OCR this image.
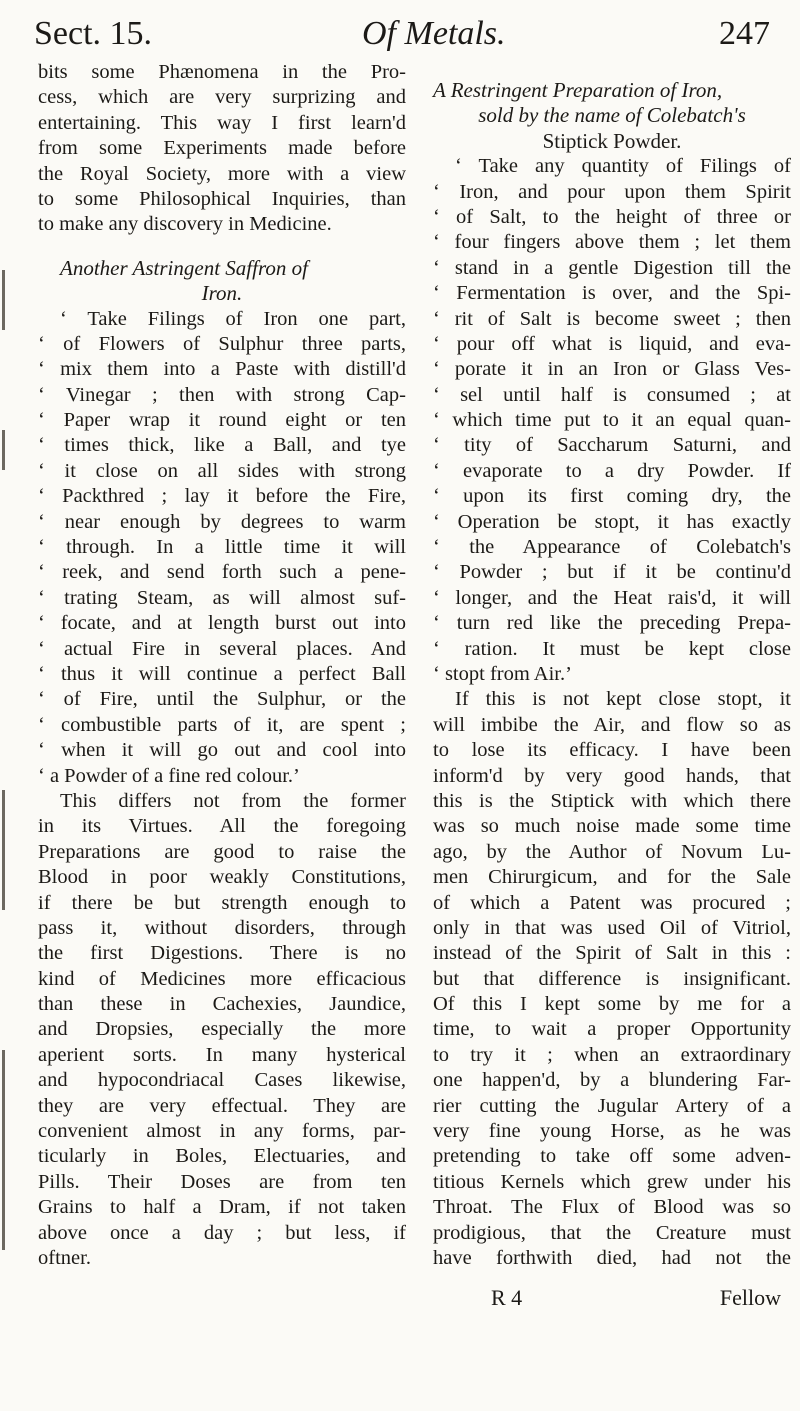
Sect. 15.	Of Metals.	247
bits some Phænomena in the Pro-
cess, which are very surprizing and
entertaining. This way I first learn'd
from some Experiments made before
the Royal Society, more with a view
to some Philosophical Inquiries, than
to make any discovery in Medicine.
Another Astringent Saffron of
Iron.
‘ Take Filings of Iron one part,
‘ of Flowers of Sulphur three parts,
‘ mix them into a Paste with distill'd
‘ Vinegar ; then with strong Cap-
‘ Paper wrap it round eight or ten
‘ times thick, like a Ball, and tye
‘ it close on all sides with strong
‘ Packthred ; lay it before the Fire,
‘ near enough by degrees to warm
‘ through. In a little time it will
‘ reek, and send forth such a pene-
‘ trating Steam, as will almost suf-
‘ focate, and at length burst out into
‘ actual Fire in several places. And
‘ thus it will continue a perfect Ball
‘ of Fire, until the Sulphur, or the
‘ combustible parts of it, are spent ;
‘ when it will go out and cool into
‘ a Powder of a fine red colour.’
This differs not from the former
in its Virtues. All the foregoing
Preparations are good to raise the
Blood in poor weakly Constitutions,
if there be but strength enough to
pass it, without disorders, through
the first Digestions. There is no
kind of Medicines more efficacious
than these in Cachexies, Jaundice,
and Dropsies, especially the more
aperient sorts. In many hysterical
and hypocondriacal Cases likewise,
they are very effectual. They are
convenient almost in any forms, par-
ticularly in Boles, Electuaries, and
Pills. Their Doses are from ten
Grains to half a Dram, if not taken
above once a day ; but less, if
oftner.
A Restringent Preparation of Iron,
sold by the name of Colebatch's
Stiptick Powder.
‘ Take any quantity of Filings of
‘ Iron, and pour upon them Spirit
‘ of Salt, to the height of three or
‘ four fingers above them ; let them
‘ stand in a gentle Digestion till the
‘ Fermentation is over, and the Spi-
‘ rit of Salt is become sweet ; then
‘ pour off what is liquid, and eva-
‘ porate it in an Iron or Glass Ves-
‘ sel until half is consumed ; at
‘ which time put to it an equal quan-
‘ tity of Saccharum Saturni, and
‘ evaporate to a dry Powder. If
‘ upon its first coming dry, the
‘ Operation be stopt, it has exactly
‘ the Appearance of Colebatch's
‘ Powder ; but if it be continu'd
‘ longer, and the Heat rais'd, it will
‘ turn red like the preceding Prepa-
‘ ration. It must be kept close
‘ stopt from Air.’
If this is not kept close stopt, it
will imbibe the Air, and flow so as
to lose its efficacy. I have been
inform'd by very good hands, that
this is the Stiptick with which there
was so much noise made some time
ago, by the Author of Novum Lu-
men Chirurgicum, and for the Sale
of which a Patent was procured ;
only in that was used Oil of Vitriol,
instead of the Spirit of Salt in this :
but that difference is insignificant.
Of this I kept some by me for a
time, to wait a proper Opportunity
to try it ; when an extraordinary
one happen'd, by a blundering Far-
rier cutting the Jugular Artery of a
very fine young Horse, as he was
pretending to take off some adven-
titious Kernels which grew under his
Throat. The Flux of Blood was so
prodigious, that the Creature must
have forthwith died, had not the
R 4	Fellow
